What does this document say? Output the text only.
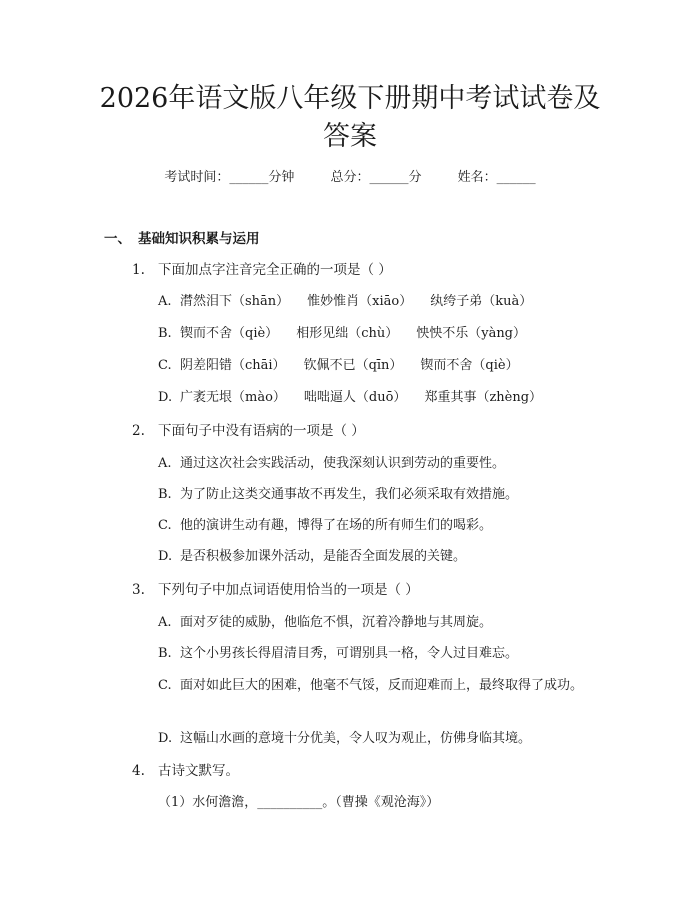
2026年语文版八年级下册期中考试试卷及答案
考试时间：______分钟	总分：______分	姓名：______
一、 基础知识积累与运用
1. 下面加点字注音完全正确的一项是（ ）
A. 潸然泪下（shān） 惟妙惟肖（xiāo） 纨绔子弟（kuà）
B. 锲而不舍（qiè） 相形见绌（chù） 怏怏不乐（yàng）
C. 阴差阳错（chāi） 钦佩不已（qīn） 锲而不舍（qiè）
D. 广袤无垠（mào） 咄咄逼人（duō） 郑重其事（zhèng）
2. 下面句子中没有语病的一项是（ ）
A. 通过这次社会实践活动，使我深刻认识到劳动的重要性。
B. 为了防止这类交通事故不再发生，我们必须采取有效措施。
C. 他的演讲生动有趣，博得了在场的所有师生们的喝彩。
D. 是否积极参加课外活动，是能否全面发展的关键。
3. 下列句子中加点词语使用恰当的一项是（ ）
A. 面对歹徒的威胁，他临危不惧，沉着冷静地与其周旋。
B. 这个小男孩长得眉清目秀，可谓别具一格，令人过目难忘。
C. 面对如此巨大的困难，他毫不气馁，反而迎难而上，最终取得了成功。
D. 这幅山水画的意境十分优美，令人叹为观止，仿佛身临其境。
4. 古诗文默写。
（1）水何澹澹，__________。（曹操《观沧海》）
